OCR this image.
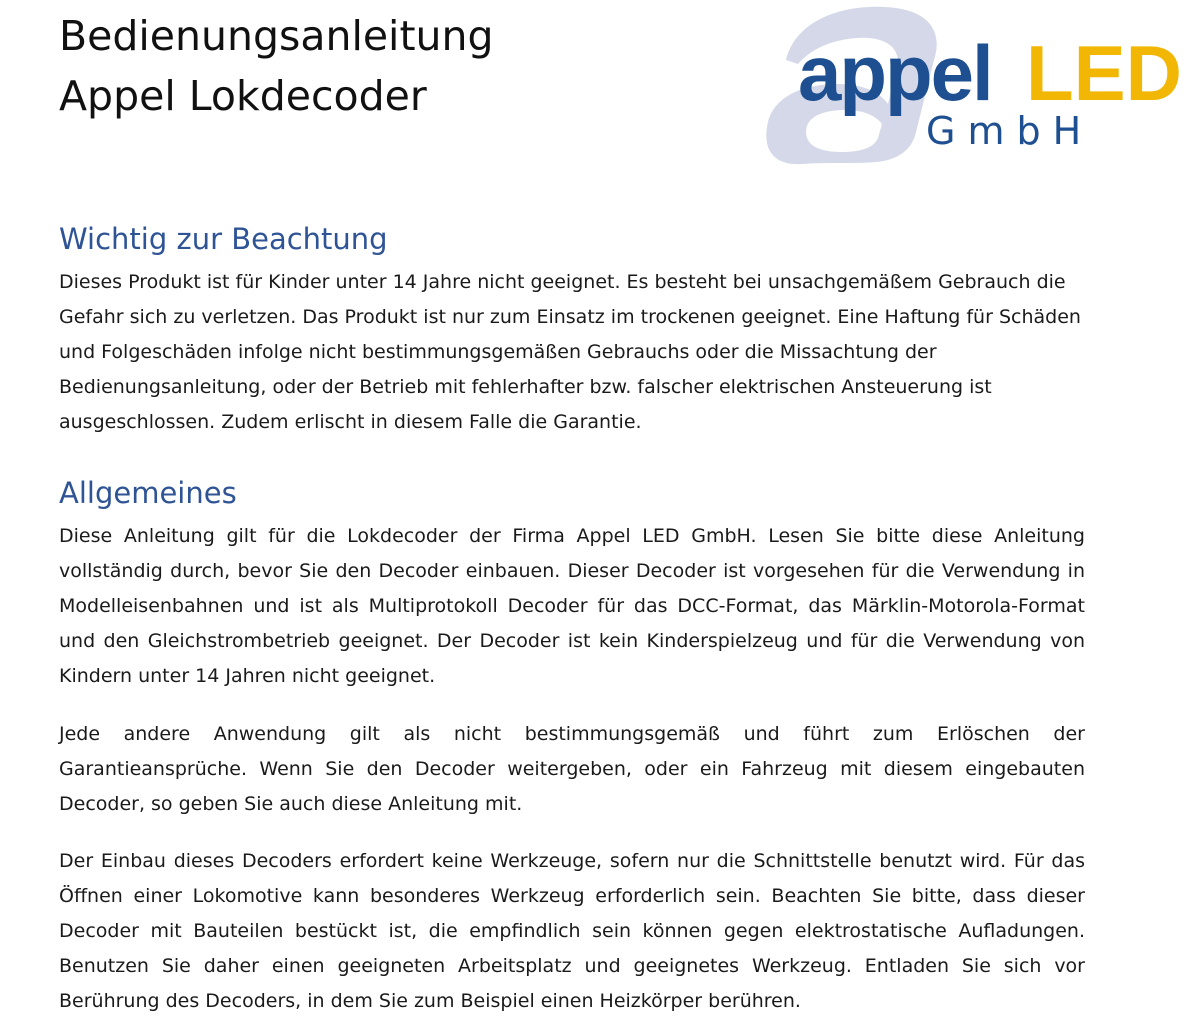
Bedienungsanleitung
Appel Lokdecoder	appel LED
GmbH
Wichtig zur Beachtung

Dieses Produkt ist für Kinder unter 14 Jahre nicht geeignet. Es besteht bei unsachgemäßem Gebrauch die Gefahr sich zu verletzen. Das Produkt ist nur zum Einsatz im trockenen geeignet. Eine Haftung für Schäden und Folgeschäden infolge nicht bestimmungsgemäßen Gebrauchs oder die Missachtung der Bedienungsanleitung, oder der Betrieb mit fehlerhafter bzw. falscher elektrischen Ansteuerung ist ausgeschlossen. Zudem erlischt in diesem Falle die Garantie.

Allgemeines

Diese Anleitung gilt für die Lokdecoder der Firma Appel LED GmbH. Lesen Sie bitte diese Anleitung vollständig durch, bevor Sie den Decoder einbauen. Dieser Decoder ist vorgesehen für die Verwendung in Modelleisenbahnen und ist als Multiprotokoll Decoder für das DCC-Format, das Märklin-Motorola-Format und den Gleichstrombetrieb geeignet. Der Decoder ist kein Kinderspielzeug und für die Verwendung von Kindern unter 14 Jahren nicht geeignet.

Jede andere Anwendung gilt als nicht bestimmungsgemäß und führt zum Erlöschen der Garantieansprüche. Wenn Sie den Decoder weitergeben, oder ein Fahrzeug mit diesem eingebauten Decoder, so geben Sie auch diese Anleitung mit.

Der Einbau dieses Decoders erfordert keine Werkzeuge, sofern nur die Schnittstelle benutzt wird. Für das Öffnen einer Lokomotive kann besonderes Werkzeug erforderlich sein. Beachten Sie bitte, dass dieser Decoder mit Bauteilen bestückt ist, die empfindlich sein können gegen elektrostatische Aufladungen. Benutzen Sie daher einen geeigneten Arbeitsplatz und geeignetes Werkzeug. Entladen Sie sich vor Berührung des Decoders, in dem Sie zum Beispiel einen Heizkörper berühren.
